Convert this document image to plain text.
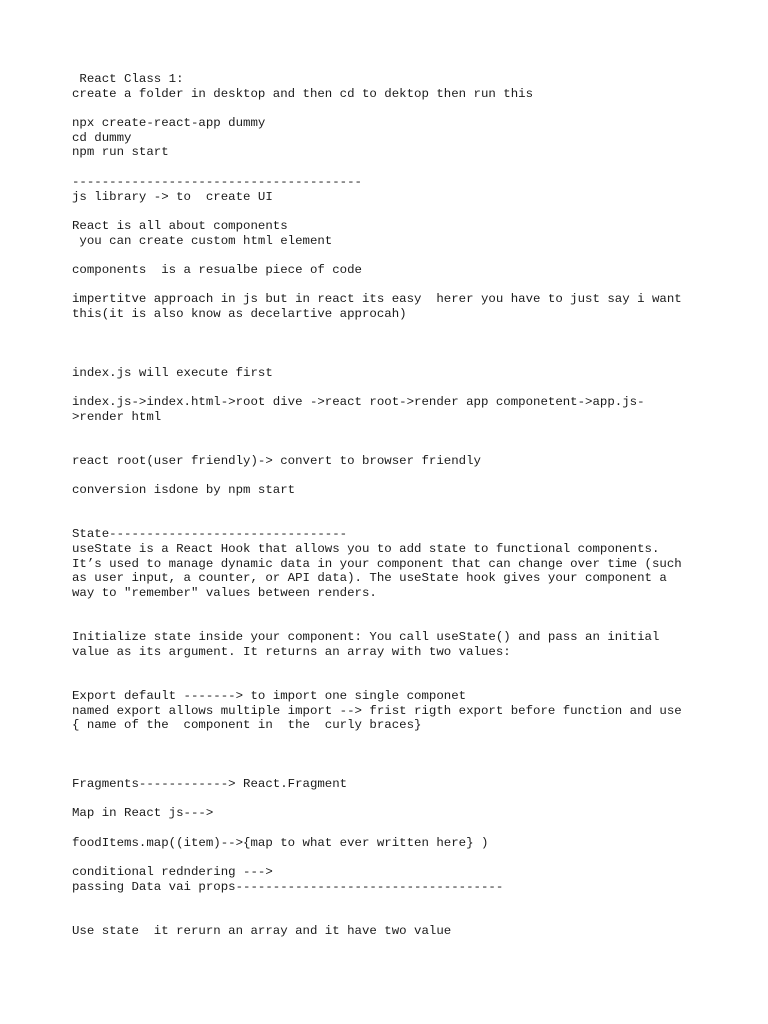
React Class 1:
create a folder in desktop and then cd to dektop then run this
npx create-react-app dummy
cd dummy
npm run start
---------------------------------------
js library -> to  create UI
React is all about components
you can create custom html element
components  is a resualbe piece of code
impertitve approach in js but in react its easy  herer you have to just say i want
this(it is also know as decelartive approcah)
index.js will execute first
index.js->index.html->root dive ->react root->render app componetent->app.js-
>render html
react root(user friendly)-> convert to browser friendly
conversion isdone by npm start
State--------------------------------
useState is a React Hook that allows you to add state to functional components.
It’s used to manage dynamic data in your component that can change over time (such
as user input, a counter, or API data). The useState hook gives your component a
way to "remember" values between renders.
Initialize state inside your component: You call useState() and pass an initial
value as its argument. It returns an array with two values:
Export default -------> to import one single componet
named export allows multiple import --> frist rigth export before function and use
{ name of the  component in  the  curly braces}
Fragments------------> React.Fragment
Map in React js--->
foodItems.map((item)-->{map to what ever written here} )
conditional redndering --->
passing Data vai props------------------------------------
Use state  it rerurn an array and it have two value
